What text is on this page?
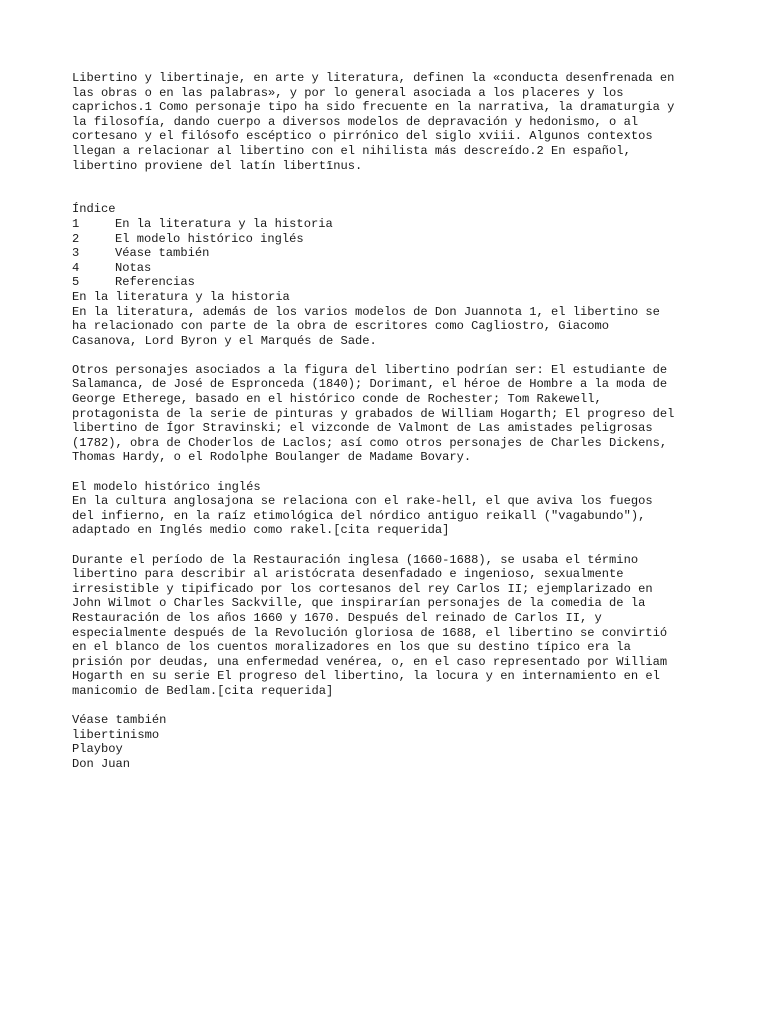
Libertino y libertinaje, en arte y literatura, definen la «conducta desenfrenada en
las obras o en las palabras», y por lo general asociada a los placeres y los
caprichos.1 Como personaje tipo ha sido frecuente en la narrativa, la dramaturgia y
la filosofía, dando cuerpo a diversos modelos de depravación y hedonismo, o al
cortesano y el filósofo escéptico o pirrónico del siglo xviii. Algunos contextos
llegan a relacionar al libertino con el nihilista más descreído.2 En español,
libertino proviene del latín libertīnus.
Índice
1	En la literatura y la historia
2	El modelo histórico inglés
3	Véase también
4	Notas
5	Referencias
En la literatura y la historia
En la literatura, además de los varios modelos de Don Juannota 1, el libertino se
ha relacionado con parte de la obra de escritores como Cagliostro, Giacomo
Casanova, Lord Byron y el Marqués de Sade.
Otros personajes asociados a la figura del libertino podrían ser: El estudiante de
Salamanca, de José de Espronceda (1840); Dorimant, el héroe de Hombre a la moda de
George Etherege, basado en el histórico conde de Rochester; Tom Rakewell,
protagonista de la serie de pinturas y grabados de William Hogarth; El progreso del
libertino de Ígor Stravinski; el vizconde de Valmont de Las amistades peligrosas
(1782), obra de Choderlos de Laclos; así como otros personajes de Charles Dickens,
Thomas Hardy, o el Rodolphe Boulanger de Madame Bovary.
El modelo histórico inglés
En la cultura anglosajona se relaciona con el rake-hell, el que aviva los fuegos
del infierno, en la raíz etimológica del nórdico antiguo reikall ("vagabundo"),
adaptado en Inglés medio como rakel.[cita requerida]
Durante el período de la Restauración inglesa (1660-1688), se usaba el término
libertino para describir al aristócrata desenfadado e ingenioso, sexualmente
irresistible y tipificado por los cortesanos del rey Carlos II; ejemplarizado en
John Wilmot o Charles Sackville, que inspirarían personajes de la comedia de la
Restauración de los años 1660 y 1670. Después del reinado de Carlos II, y
especialmente después de la Revolución gloriosa de 1688, el libertino se convirtió
en el blanco de los cuentos moralizadores en los que su destino típico era la
prisión por deudas, una enfermedad venérea, o, en el caso representado por William
Hogarth en su serie El progreso del libertino, la locura y en internamiento en el
manicomio de Bedlam.[cita requerida]
Véase también
libertinismo
Playboy
Don Juan
